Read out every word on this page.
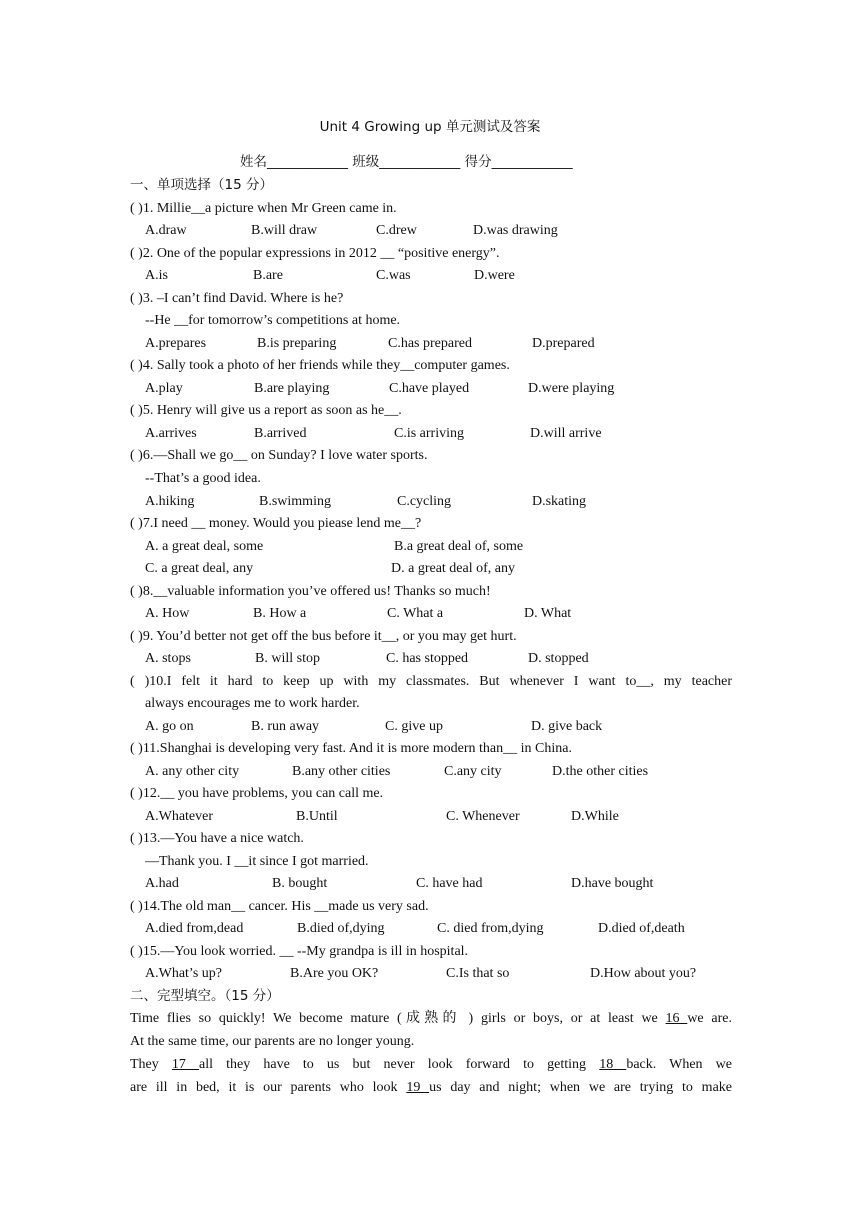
Unit 4 Growing up 单元测试及答案
姓名____________ 班级____________ 得分____________
一、单项选择（15 分）
( )1. Millie__a picture when Mr Green came in.
A.draw	B.will draw	C.drew	D.was drawing
( )2. One of the popular expressions in 2012 __ “positive energy”.
A.is	B.are	C.was	D.were
( )3. –I can’t find David. Where is he?
--He __for tomorrow’s competitions at home.
A.prepares	B.is preparing	C.has prepared	D.prepared
( )4. Sally took a photo of her friends while they__computer games.
A.play	B.are playing	C.have played	D.were playing
( )5. Henry will give us a report as soon as he__.
A.arrives	B.arrived	C.is arriving	D.will arrive
( )6.—Shall we go__ on Sunday? I love water sports.
--That’s a good idea.
A.hiking	B.swimming	C.cycling	D.skating
( )7.I need __ money. Would you piease lend me__?
A. a great deal, some	B.a great deal of, some
C. a great deal, any	D. a great deal of, any
( )8.__valuable information you’ve offered us! Thanks so much!
A. How	B. How a	C. What a	D. What
( )9. You’d better not get off the bus before it__, or you may get hurt.
A. stops	B. will stop	C. has stopped	D. stopped
( )10.I felt it hard to keep up with my classmates. But whenever I want to__, my teacher
always encourages me to work harder.
A. go on	B. run away	C. give up	D. give back
( )11.Shanghai is developing very fast. And it is more modern than__ in China.
A. any other city	B.any other cities	C.any city	D.the other cities
( )12.__ you have problems, you can call me.
A.Whatever	B.Until	C. Whenever	D.While
( )13.—You have a nice watch.
—Thank you. I __it since I got married.
A.had	B. bought	C. have had	D.have bought
( )14.The old man__ cancer. His __made us very sad.
A.died from,dead	B.died of,dying	C. died from,dying	D.died of,death
( )15.—You look worried. __ --My grandpa is ill in hospital.
A.What’s up?	B.Are you OK?	C.Is that so	D.How about you?
二、完型填空。（15 分）
Time flies so quickly! We become mature (成熟的 ) girls or boys, or at least we 16 we are.
At the same time, our parents are no longer young.
They 17 all they have to us but never look forward to getting 18 back. When we
are ill in bed, it is our parents who look 19 us day and night; when we are trying to make
